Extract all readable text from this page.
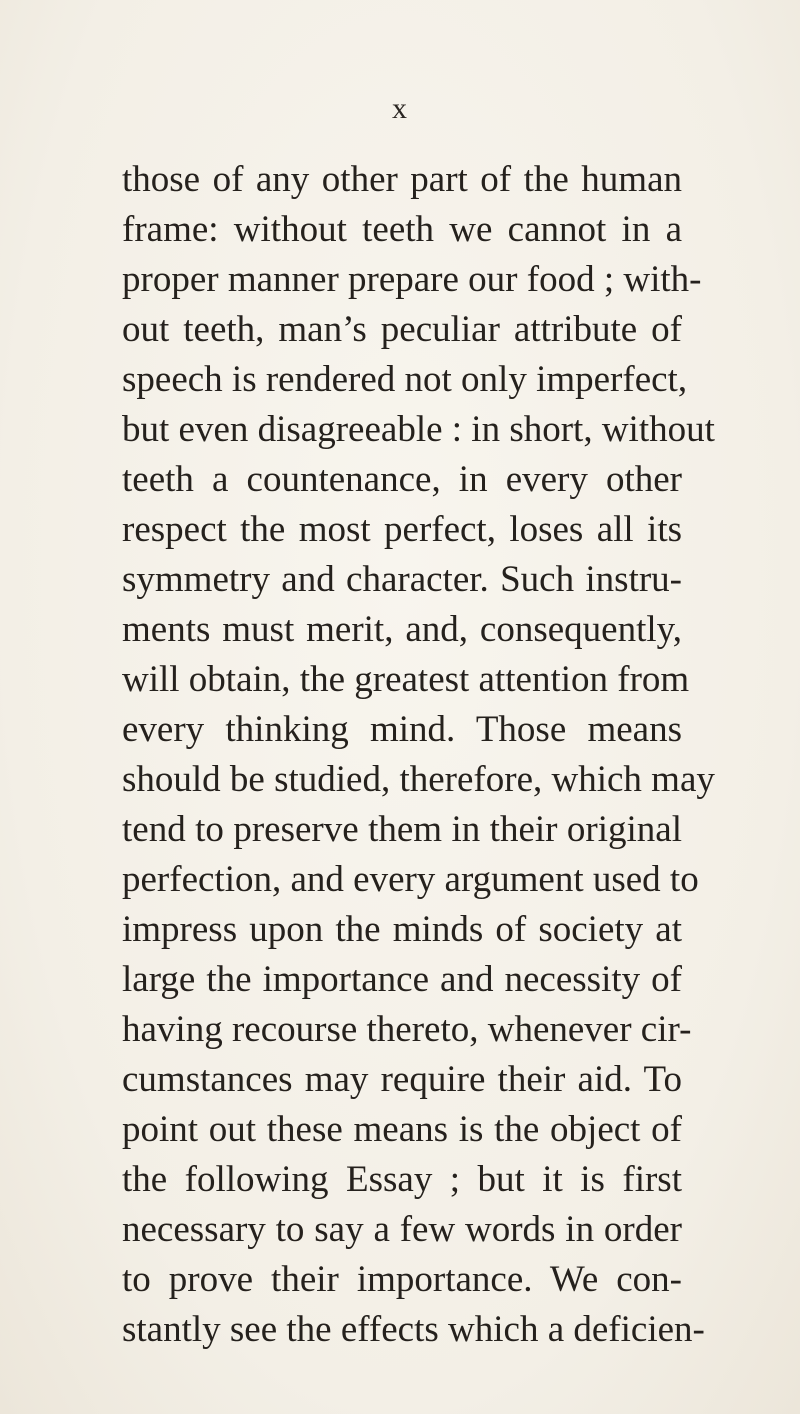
x
those of any other part of the human
frame: without teeth we cannot in a
proper manner prepare our food ; with-
out teeth, man’s peculiar attribute of
speech is rendered not only imperfect,
but even disagreeable : in short, without
teeth a countenance, in every other
respect the most perfect, loses all its
symmetry and character. Such instru-
ments must merit, and, consequently,
will obtain, the greatest attention from
every thinking mind. Those means
should be studied, therefore, which may
tend to preserve them in their original
perfection, and every argument used to
impress upon the minds of society at
large the importance and necessity of
having recourse thereto, whenever cir-
cumstances may require their aid. To
point out these means is the object of
the following Essay ; but it is first
necessary to say a few words in order
to prove their importance. We con-
stantly see the effects which a deficien-
